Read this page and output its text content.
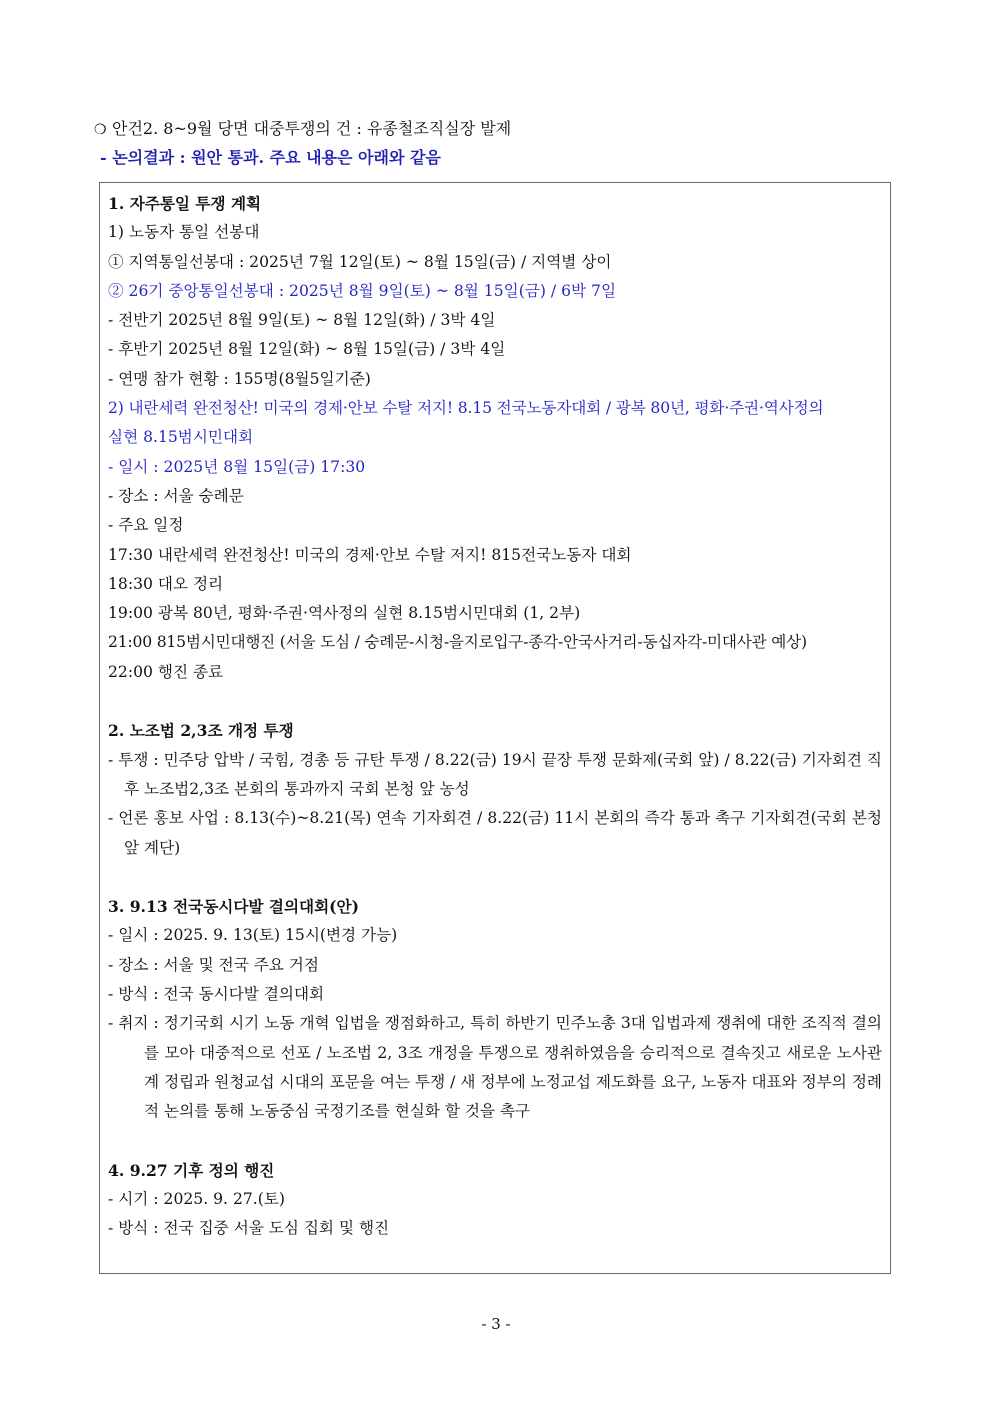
❍ 안건2. 8~9월 당면 대중투쟁의 건 : 유종철조직실장 발제
- 논의결과 : 원안 통과. 주요 내용은 아래와 같음
1. 자주통일 투쟁 계획
1) 노동자 통일 선봉대
① 지역통일선봉대 : 2025년 7월 12일(토) ~ 8월 15일(금) / 지역별 상이
② 26기 중앙통일선봉대 : 2025년 8월 9일(토) ~ 8월 15일(금) / 6박 7일
- 전반기 2025년 8월 9일(토) ~ 8월 12일(화) / 3박 4일
- 후반기 2025년 8월 12일(화) ~ 8월 15일(금) / 3박 4일
- 연맹 참가 현황 : 155명(8월5일기준)
2) 내란세력 완전청산! 미국의 경제·안보 수탈 저지! 8.15 전국노동자대회 / 광복 80년, 평화·주권·역사정의
실현 8.15범시민대회
- 일시 : 2025년 8월 15일(금) 17:30
- 장소 : 서울 숭례문
- 주요 일정
17:30 내란세력 완전청산! 미국의 경제·안보 수탈 저지! 815전국노동자 대회
18:30 대오 정리
19:00 광복 80년, 평화·주권·역사정의 실현 8.15범시민대회 (1, 2부)
21:00 815범시민대행진 (서울 도심 / 숭례문-시청-을지로입구-종각-안국사거리-동십자각-미대사관 예상)
22:00 행진 종료
2. 노조법 2,3조 개정 투쟁
- 투쟁 : 민주당 압박 / 국힘, 경총 등 규탄 투쟁 / 8.22(금) 19시 끝장 투쟁 문화제(국회 앞) / 8.22(금) 기자회견 직후 노조법2,3조 본회의 통과까지 국회 본청 앞 농성
- 언론 홍보 사업 : 8.13(수)~8.21(목) 연속 기자회견 / 8.22(금) 11시 본회의 즉각 통과 촉구 기자회견(국회 본청 앞 계단)
3. 9.13 전국동시다발 결의대회(안)
- 일시 : 2025. 9. 13(토) 15시(변경 가능)
- 장소 : 서울 및 전국 주요 거점
- 방식 : 전국 동시다발 결의대회
- 취지 : 정기국회 시기 노동 개혁 입법을 쟁점화하고, 특히 하반기 민주노총 3대 입법과제 쟁취에 대한 조직적 결의를 모아 대중적으로 선포 / 노조법 2, 3조 개정을 투쟁으로 쟁취하였음을 승리적으로 결속짓고 새로운 노사관계 정립과 원청교섭 시대의 포문을 여는 투쟁 / 새 정부에 노정교섭 제도화를 요구, 노동자 대표와 정부의 정례적 논의를 통해 노동중심 국정기조를 현실화 할 것을 촉구
4. 9.27 기후 정의 행진
- 시기 : 2025. 9. 27.(토)
- 방식 : 전국 집중 서울 도심 집회 및 행진
- 3 -
